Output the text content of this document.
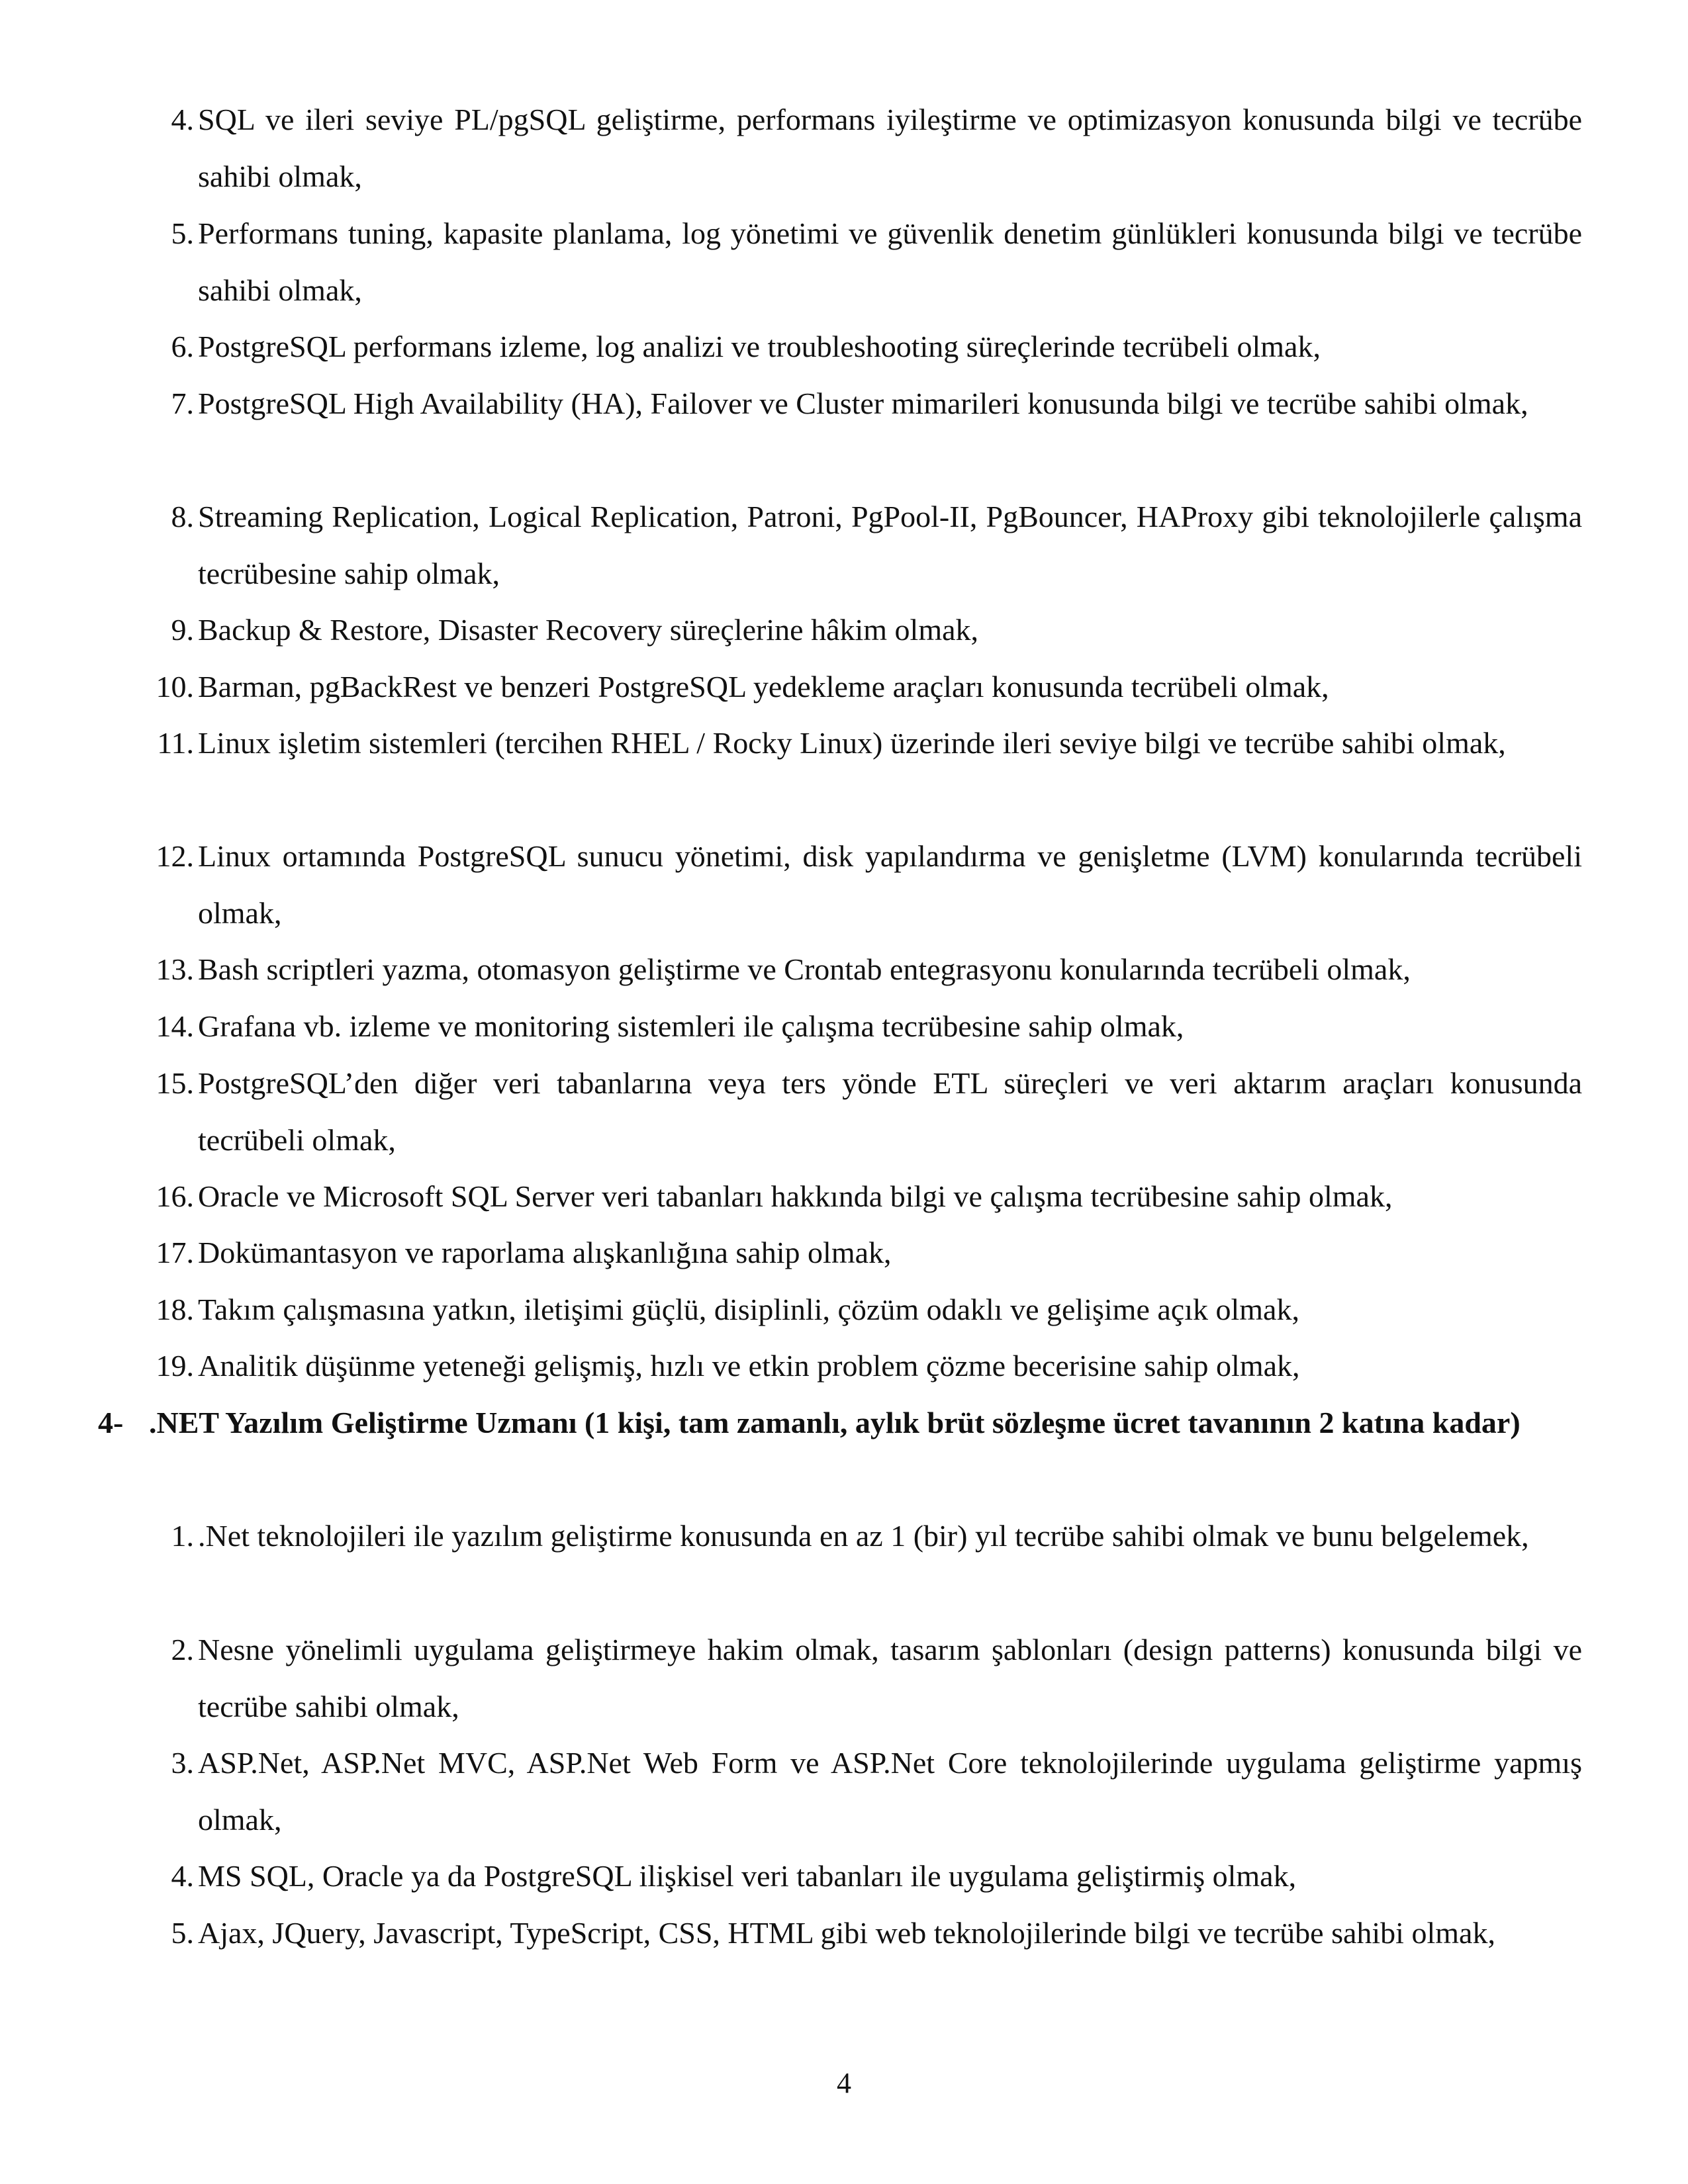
4. SQL ve ileri seviye PL/pgSQL geliştirme, performans iyileştirme ve optimizasyon konusunda bilgi ve tecrübe sahibi olmak,
5. Performans tuning, kapasite planlama, log yönetimi ve güvenlik denetim günlükleri konusunda bilgi ve tecrübe sahibi olmak,
6. PostgreSQL performans izleme, log analizi ve troubleshooting süreçlerinde tecrübeli olmak,
7. PostgreSQL High Availability (HA), Failover ve Cluster mimarileri konusunda bilgi ve tecrübe sahibi olmak,
8. Streaming Replication, Logical Replication, Patroni, PgPool-II, PgBouncer, HAProxy gibi teknolojilerle çalışma tecrübesine sahip olmak,
9. Backup & Restore, Disaster Recovery süreçlerine hâkim olmak,
10. Barman, pgBackRest ve benzeri PostgreSQL yedekleme araçları konusunda tecrübeli olmak,
11. Linux işletim sistemleri (tercihen RHEL / Rocky Linux) üzerinde ileri seviye bilgi ve tecrübe sahibi olmak,
12. Linux ortamında PostgreSQL sunucu yönetimi, disk yapılandırma ve genişletme (LVM) konularında tecrübeli olmak,
13. Bash scriptleri yazma, otomasyon geliştirme ve Crontab entegrasyonu konularında tecrübeli olmak,
14. Grafana vb. izleme ve monitoring sistemleri ile çalışma tecrübesine sahip olmak,
15. PostgreSQL’den diğer veri tabanlarına veya ters yönde ETL süreçleri ve veri aktarım araçları konusunda tecrübeli olmak,
16. Oracle ve Microsoft SQL Server veri tabanları hakkında bilgi ve çalışma tecrübesine sahip olmak,
17. Dokümantasyon ve raporlama alışkanlığına sahip olmak,
18. Takım çalışmasına yatkın, iletişimi güçlü, disiplinli, çözüm odaklı ve gelişime açık olmak,
19. Analitik düşünme yeteneği gelişmiş, hızlı ve etkin problem çözme becerisine sahip olmak,
4- .NET Yazılım Geliştirme Uzmanı (1 kişi, tam zamanlı, aylık brüt sözleşme ücret tavanının 2 katına kadar)
1. .Net teknolojileri ile yazılım geliştirme konusunda en az 1 (bir) yıl tecrübe sahibi olmak ve bunu belgelemek,
2. Nesne yönelimli uygulama geliştirmeye hakim olmak, tasarım şablonları (design patterns) konusunda bilgi ve tecrübe sahibi olmak,
3. ASP.Net, ASP.Net MVC, ASP.Net Web Form ve ASP.Net Core teknolojilerinde uygulama geliştirme yapmış olmak,
4. MS SQL, Oracle ya da PostgreSQL ilişkisel veri tabanları ile uygulama geliştirmiş olmak,
5. Ajax, JQuery, Javascript, TypeScript, CSS, HTML gibi web teknolojilerinde bilgi ve tecrübe sahibi olmak,
4
